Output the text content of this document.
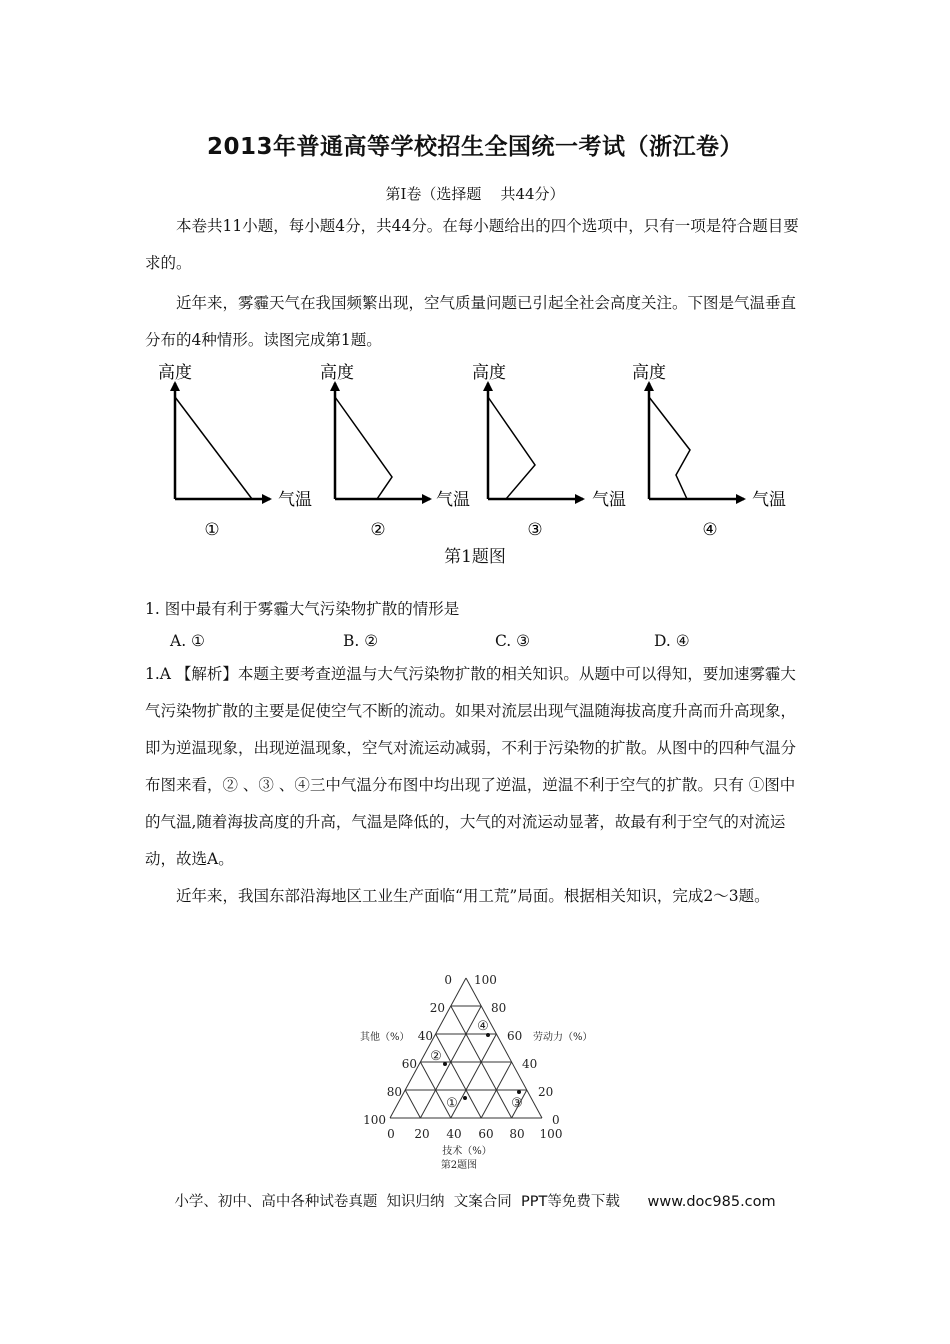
2013年普通高等学校招生全国统一考试（浙江卷）
第Ⅰ卷（选择题    共44分）
本卷共11小题，每小题4分，共44分。在每小题给出的四个选项中，只有一项是符合题目要求的。
近年来，雾霾天气在我国频繁出现，空气质量问题已引起全社会高度关注。下图是气温垂直分布的4种情形。读图完成第1题。
高度
气温
①
高度
气温
②
高度
气温
③
高度
气温
④
第1题图
1. 图中最有利于雾霾大气污染物扩散的情形是
A. ①	B. ②	C. ③	D. ④
1.A 【解析】本题主要考查逆温与大气污染物扩散的相关知识。从题中可以得知，要加速雾霾大气污染物扩散的主要是促使空气不断的流动。如果对流层出现气温随海拔高度升高而升高现象，即为逆温现象，出现逆温现象，空气对流运动减弱，不利于污染物的扩散。从图中的四种气温分布图来看，② 、③ 、④三中气温分布图中均出现了逆温，逆温不利于空气的扩散。只有 ①图中的气温,随着海拔高度的升高，气温是降低的，大气的对流运动显著，故最有利于空气的对流运动，故选A。
近年来，我国东部沿海地区工业生产面临“用工荒”局面。根据相关知识，完成2～3题。
0
20
40
60
80
100
100
80
60
40
20
0
0 20 40 60 80 100
其他（%）	劳动力（%）
技术（%）
第2题图
④
②
①	③
小学、初中、高中各种试卷真题  知识归纳  文案合同  PPT等免费下载      www.doc985.com
